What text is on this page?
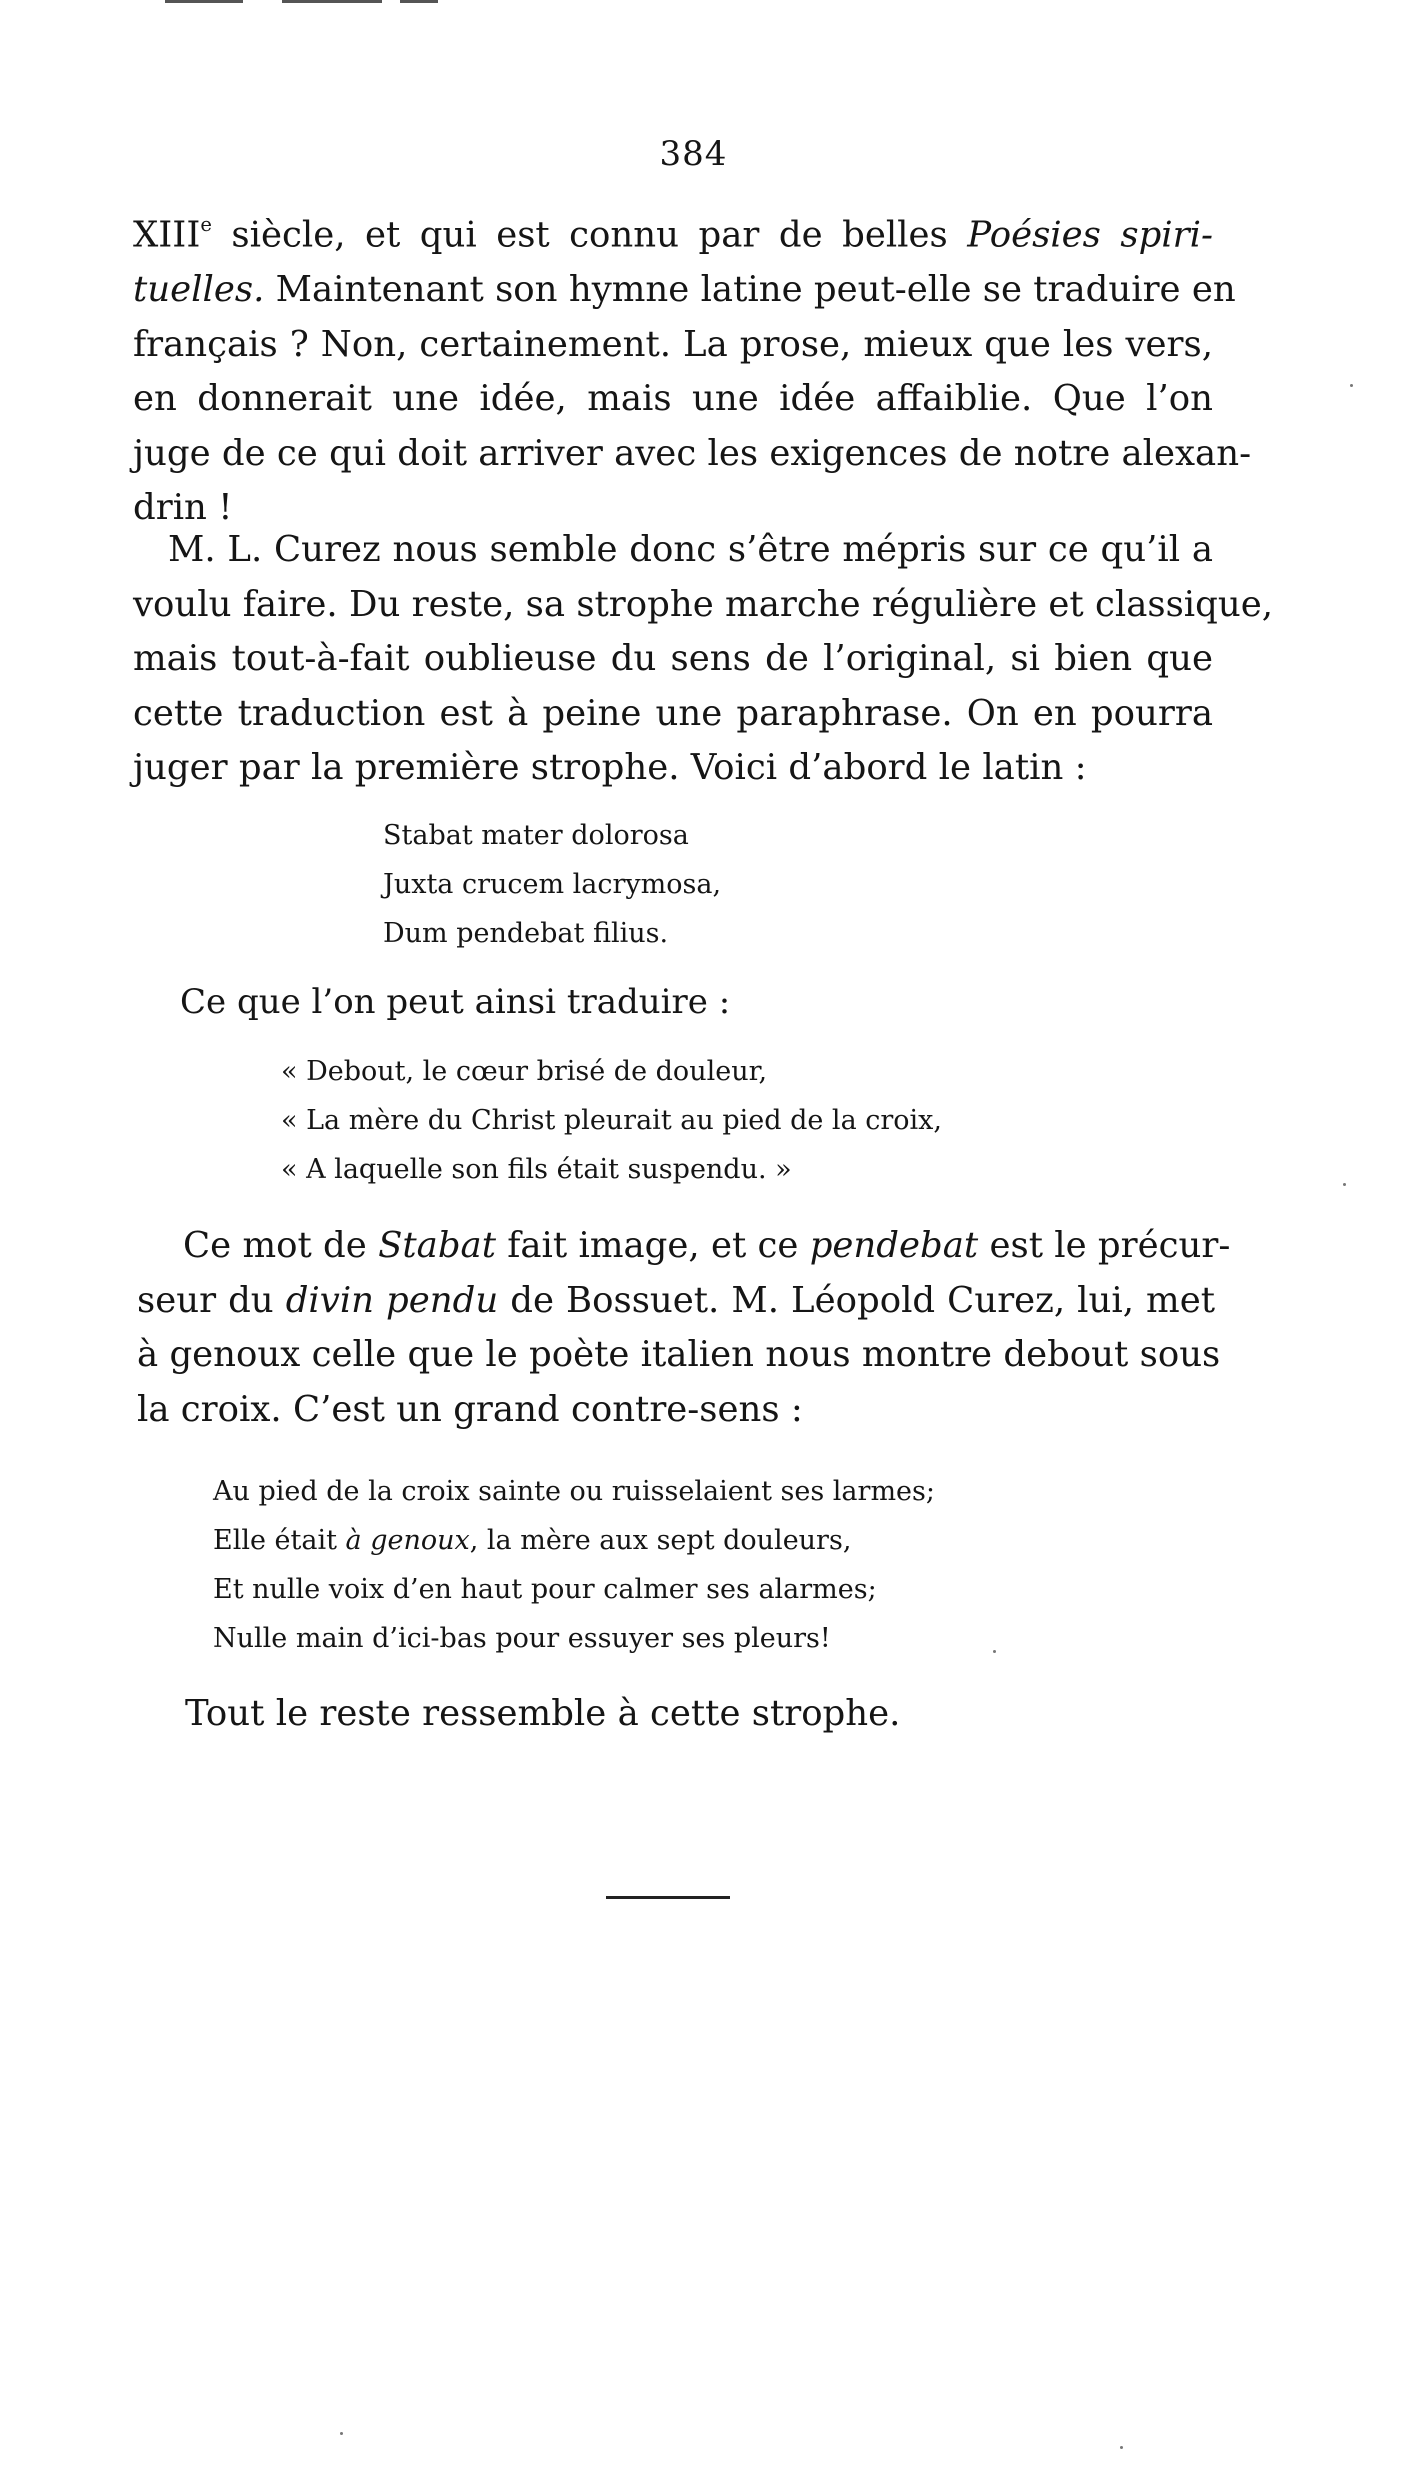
384
XIIIe siècle, et qui est connu par de belles Poésies spiri-
tuelles. Maintenant son hymne latine peut-elle se traduire en
français ? Non, certainement. La prose, mieux que les vers,
en donnerait une idée, mais une idée affaiblie. Que l’on
juge de ce qui doit arriver avec les exigences de notre alexan-
drin !
M. L. Curez nous semble donc s’être mépris sur ce qu’il a
voulu faire. Du reste, sa strophe marche régulière et classique,
mais tout-à-fait oublieuse du sens de l’original, si bien que
cette traduction est à peine une paraphrase. On en pourra
juger par la première strophe. Voici d’abord le latin :
Stabat mater dolorosa
Juxta crucem lacrymosa,
Dum pendebat filius.
Ce que l’on peut ainsi traduire :
« Debout, le cœur brisé de douleur,
« La mère du Christ pleurait au pied de la croix,
« A laquelle son fils était suspendu. »
Ce mot de Stabat fait image, et ce pendebat est le précur-
seur du divin pendu de Bossuet. M. Léopold Curez, lui, met
à genoux celle que le poète italien nous montre debout sous
la croix. C’est un grand contre-sens :
Au pied de la croix sainte ou ruisselaient ses larmes;
Elle était à genoux, la mère aux sept douleurs,
Et nulle voix d’en haut pour calmer ses alarmes;
Nulle main d’ici-bas pour essuyer ses pleurs!
Tout le reste ressemble à cette strophe.
